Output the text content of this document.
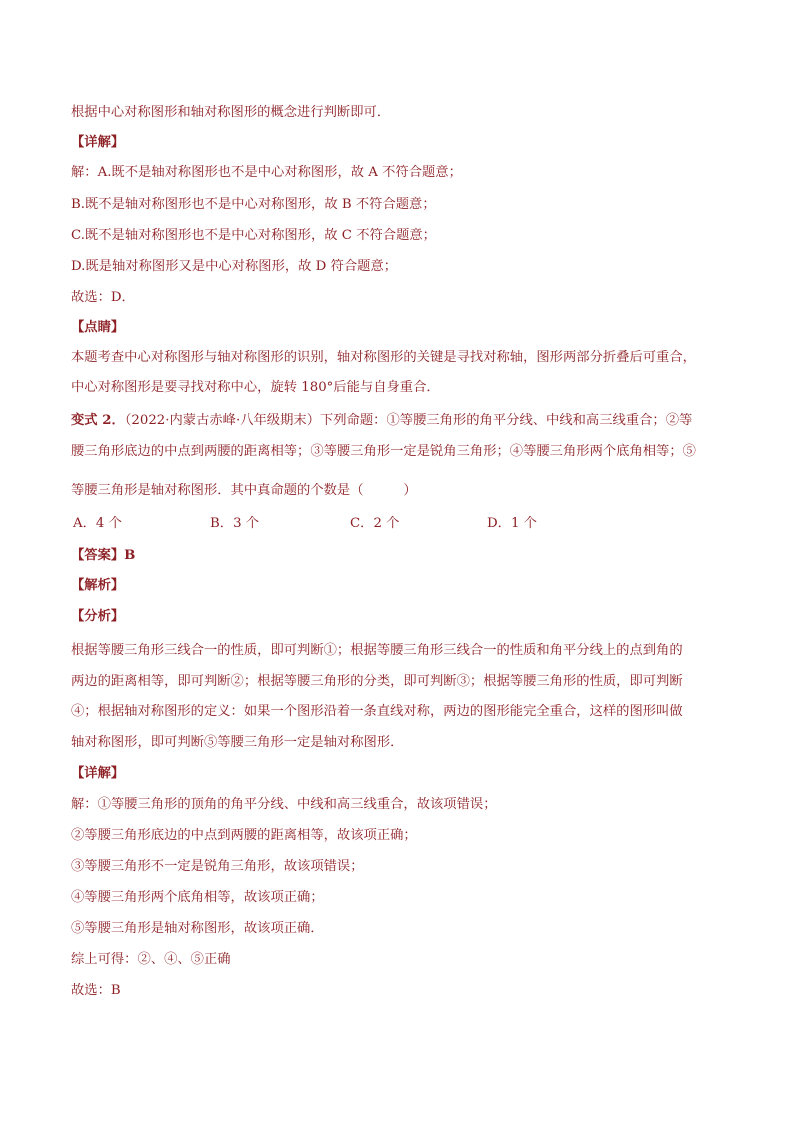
根据中心对称图形和轴对称图形的概念进行判断即可．
【详解】
解：A.既不是轴对称图形也不是中心对称图形，故 A 不符合题意；
B.既不是轴对称图形也不是中心对称图形，故 B 不符合题意；
C.既不是轴对称图形也不是中心对称图形，故 C 不符合题意；
D.既是轴对称图形又是中心对称图形，故 D 符合题意；
故选：D．
【点睛】
本题考查中心对称图形与轴对称图形的识别，轴对称图形的关键是寻找对称轴，图形两部分折叠后可重合，
中心对称图形是要寻找对称中心，旋转 180°后能与自身重合．
变式 2．（2022·内蒙古赤峰·八年级期末）下列命题：①等腰三角形的角平分线、中线和高三线重合；②等
腰三角形底边的中点到两腰的距离相等；③等腰三角形一定是锐角三角形；④等腰三角形两个底角相等；⑤
等腰三角形是轴对称图形．其中真命题的个数是（　　　）
A．4 个	B．3 个	C．2 个	D．1 个
【答案】B
【解析】
【分析】
根据等腰三角形三线合一的性质，即可判断①；根据等腰三角形三线合一的性质和角平分线上的点到角的
两边的距离相等，即可判断②；根据等腰三角形的分类，即可判断③；根据等腰三角形的性质，即可判断
④；根据轴对称图形的定义：如果一个图形沿着一条直线对称，两边的图形能完全重合，这样的图形叫做
轴对称图形，即可判断⑤等腰三角形一定是轴对称图形．
【详解】
解：①等腰三角形的顶角的角平分线、中线和高三线重合，故该项错误；
②等腰三角形底边的中点到两腰的距离相等，故该项正确；
③等腰三角形不一定是锐角三角形，故该项错误；
④等腰三角形两个底角相等，故该项正确；
⑤等腰三角形是轴对称图形，故该项正确．
综上可得：②、④、⑤正确
故选：B
